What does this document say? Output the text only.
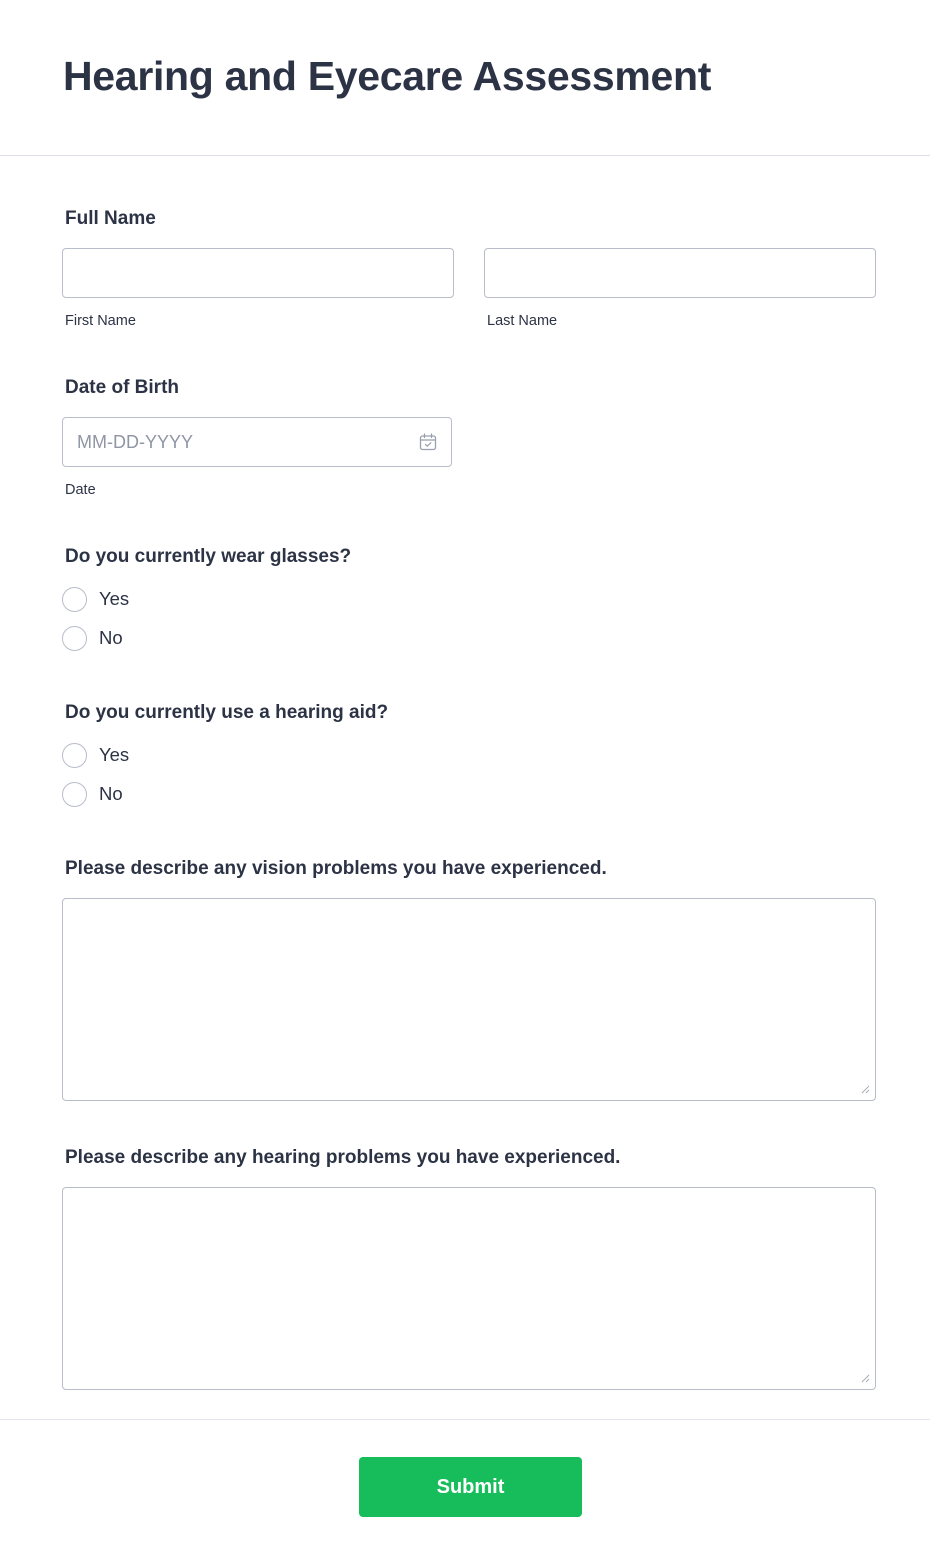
Hearing and Eyecare Assessment
Full Name
First Name	Last Name
Date of Birth
MM-DD-YYYY
Date
Do you currently wear glasses?
Yes
No
Do you currently use a hearing aid?
Yes
No
Please describe any vision problems you have experienced.
Please describe any hearing problems you have experienced.
Submit
